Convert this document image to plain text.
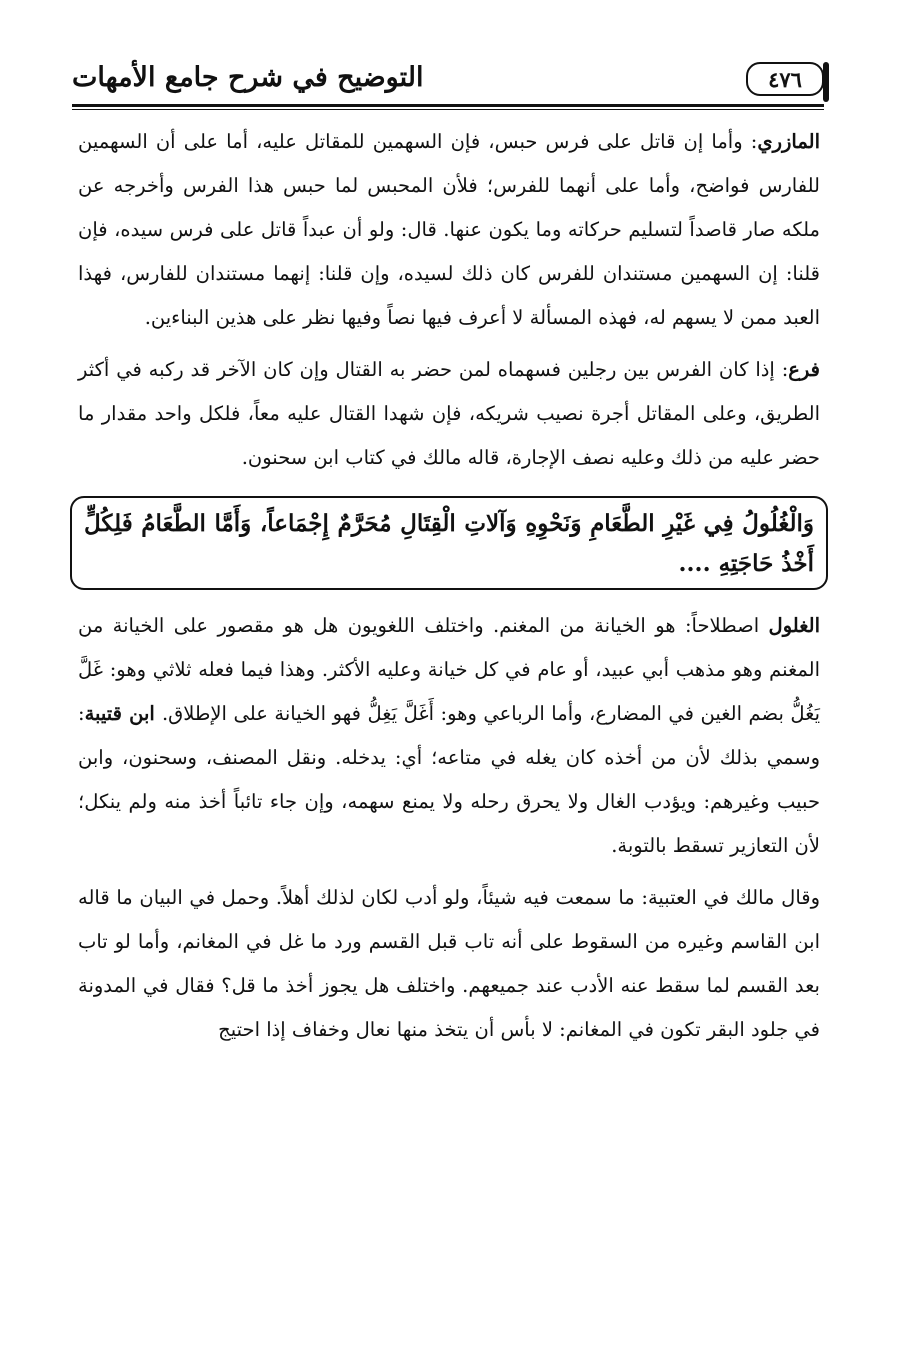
٤٧٦
التوضيح في شرح جامع الأمهات

المازري: وأما إن قاتل على فرس حبس، فإن السهمين للمقاتل عليه، أما على أن السهمين للفارس فواضح، وأما على أنهما للفرس؛ فلأن المحبس لما حبس هذا الفرس وأخرجه عن ملكه صار قاصداً لتسليم حركاته وما يكون عنها. قال: ولو أن عبداً قاتل على فرس سيده، فإن قلنا: إن السهمين مستندان للفرس كان ذلك لسيده، وإن قلنا: إنهما مستندان للفارس، فهذا العبد ممن لا يسهم له، فهذه المسألة لا أعرف فيها نصاً وفيها نظر على هذين البناءين.

فرع: إذا كان الفرس بين رجلين فسهماه لمن حضر به القتال وإن كان الآخر قد ركبه في أكثر الطريق، وعلى المقاتل أجرة نصيب شريكه، فإن شهدا القتال عليه معاً، فلكل واحد مقدار ما حضر عليه من ذلك وعليه نصف الإجارة، قاله مالك في كتاب ابن سحنون.

وَالْغُلُولُ فِي غَيْرِ الطَّعَامِ وَنَحْوِهِ وَآلاتِ الْقِتَالِ مُحَرَّمٌ إِجْمَاعاً، وَأَمَّا الطَّعَامُ فَلِكُلٍّ أَخْذُ حَاجَتِهِ ....

الغلول اصطلاحاً: هو الخيانة من المغنم. واختلف اللغويون هل هو مقصور على الخيانة من المغنم وهو مذهب أبي عبيد، أو عام في كل خيانة وعليه الأكثر. وهذا فيما فعله ثلاثي وهو: غَلَّ يَغُلُّ بضم الغين في المضارع، وأما الرباعي وهو: أَغَلَّ يَغِلُّ فهو الخيانة على الإطلاق. ابن قتيبة: وسمي بذلك لأن من أخذه كان يغله في متاعه؛ أي: يدخله. ونقل المصنف، وسحنون، وابن حبيب وغيرهم: ويؤدب الغال ولا يحرق رحله ولا يمنع سهمه، وإن جاء تائباً أخذ منه ولم ينكل؛ لأن التعازير تسقط بالتوبة.

وقال مالك في العتبية: ما سمعت فيه شيئاً، ولو أدب لكان لذلك أهلاً. وحمل في البيان ما قاله ابن القاسم وغيره من السقوط على أنه تاب قبل القسم ورد ما غل في المغانم، وأما لو تاب بعد القسم لما سقط عنه الأدب عند جميعهم. واختلف هل يجوز أخذ ما قل؟ فقال في المدونة في جلود البقر تكون في المغانم: لا بأس أن يتخذ منها نعال وخفاف إذا احتيج
